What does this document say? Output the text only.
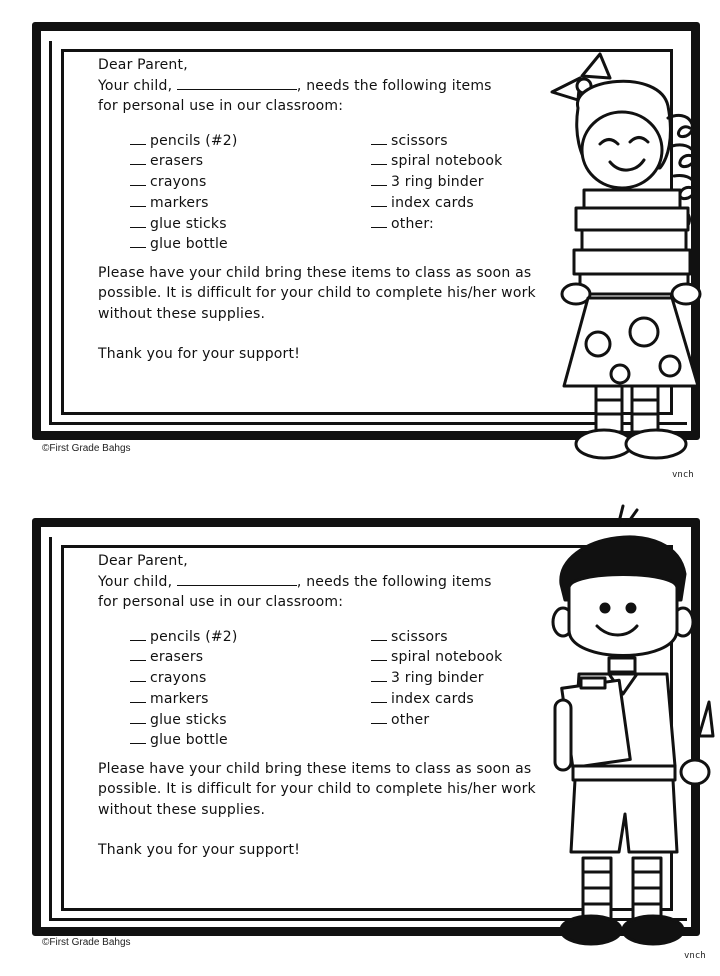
Dear Parent,

Your child,	, needs the following items

for personal use in our classroom:

pencils (#2)
erasers
crayons
markers
glue sticks
glue bottle
scissors
spiral notebook
3 ring binder
index cards
other:

Please have your child bring these items to class as soon as possible. It is difficult for your child to complete his/her work without these supplies.

Thank you for your support!

©First Grade Bahgs
vnch

Dear Parent,

Your child,	, needs the following items

for personal use in our classroom:

pencils (#2)
erasers
crayons
markers
glue sticks
glue bottle
scissors
spiral notebook
3 ring binder
index cards
other

Please have your child bring these items to class as soon as possible. It is difficult for your child to complete his/her work without these supplies.

Thank you for your support!

©First Grade Bahgs
vnch
